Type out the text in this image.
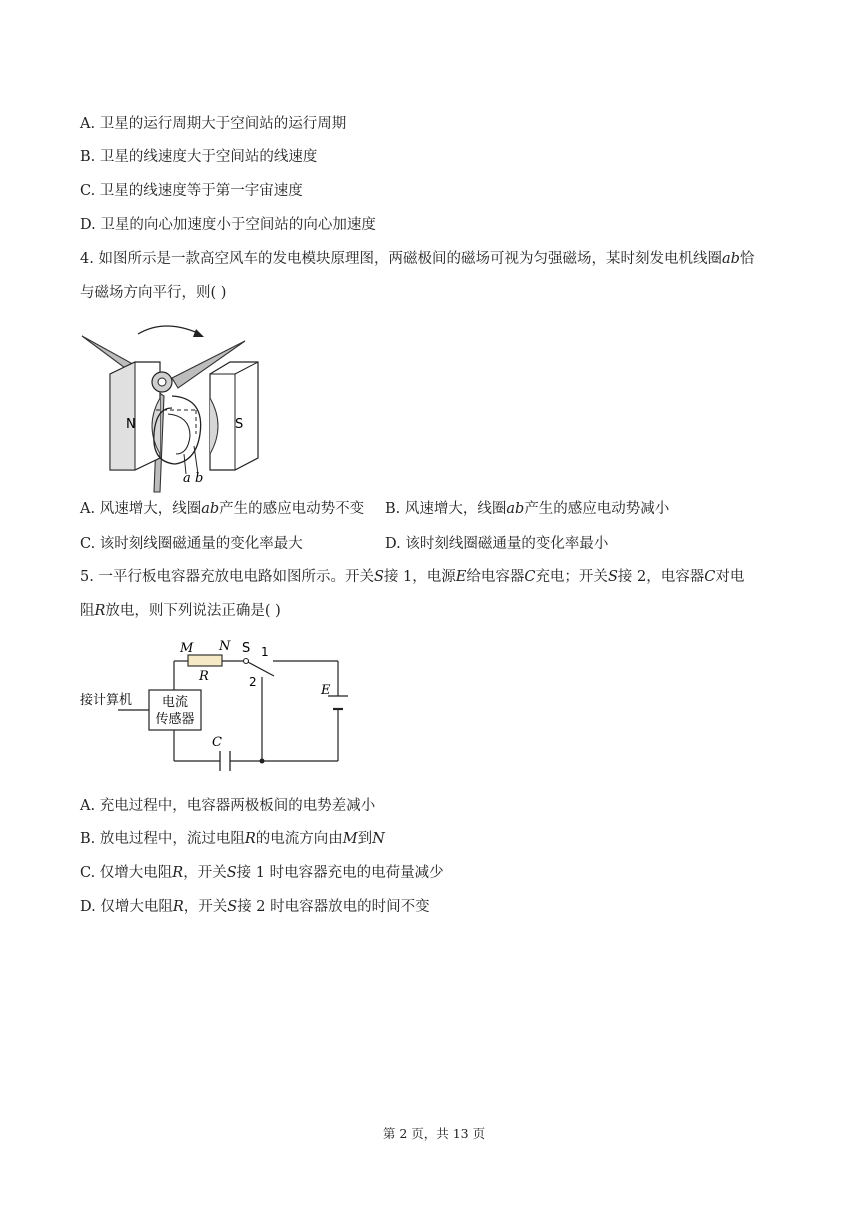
A. 卫星的运行周期大于空间站的运行周期
B. 卫星的线速度大于空间站的线速度
C. 卫星的线速度等于第一宇宙速度
D. 卫星的向心加速度小于空间站的向心加速度
4. 如图所示是一款高空风车的发电模块原理图，两磁极间的磁场可视为匀强磁场，某时刻发电机线圈ab恰
与磁场方向平行，则( )
N	S
a b
A. 风速增大，线圈ab产生的感应电动势不变 B. 风速增大，线圈ab产生的感应电动势减小
C. 该时刻线圈磁通量的变化率最大	D. 该时刻线圈磁通量的变化率最小
5. 一平行板电容器充放电电路如图所示。开关S接 1，电源E给电容器C充电；开关S接 2，电容器C对电
阻R放电，则下列说法正确是( )
电流
传感器
接计算机
M N
R
S 1
2
E
C
A. 充电过程中，电容器两极板间的电势差减小
B. 放电过程中，流过电阻R的电流方向由M到N
C. 仅增大电阻R，开关S接 1 时电容器充电的电荷量减少
D. 仅增大电阻R，开关S接 2 时电容器放电的时间不变
第 2 页，共 13 页
